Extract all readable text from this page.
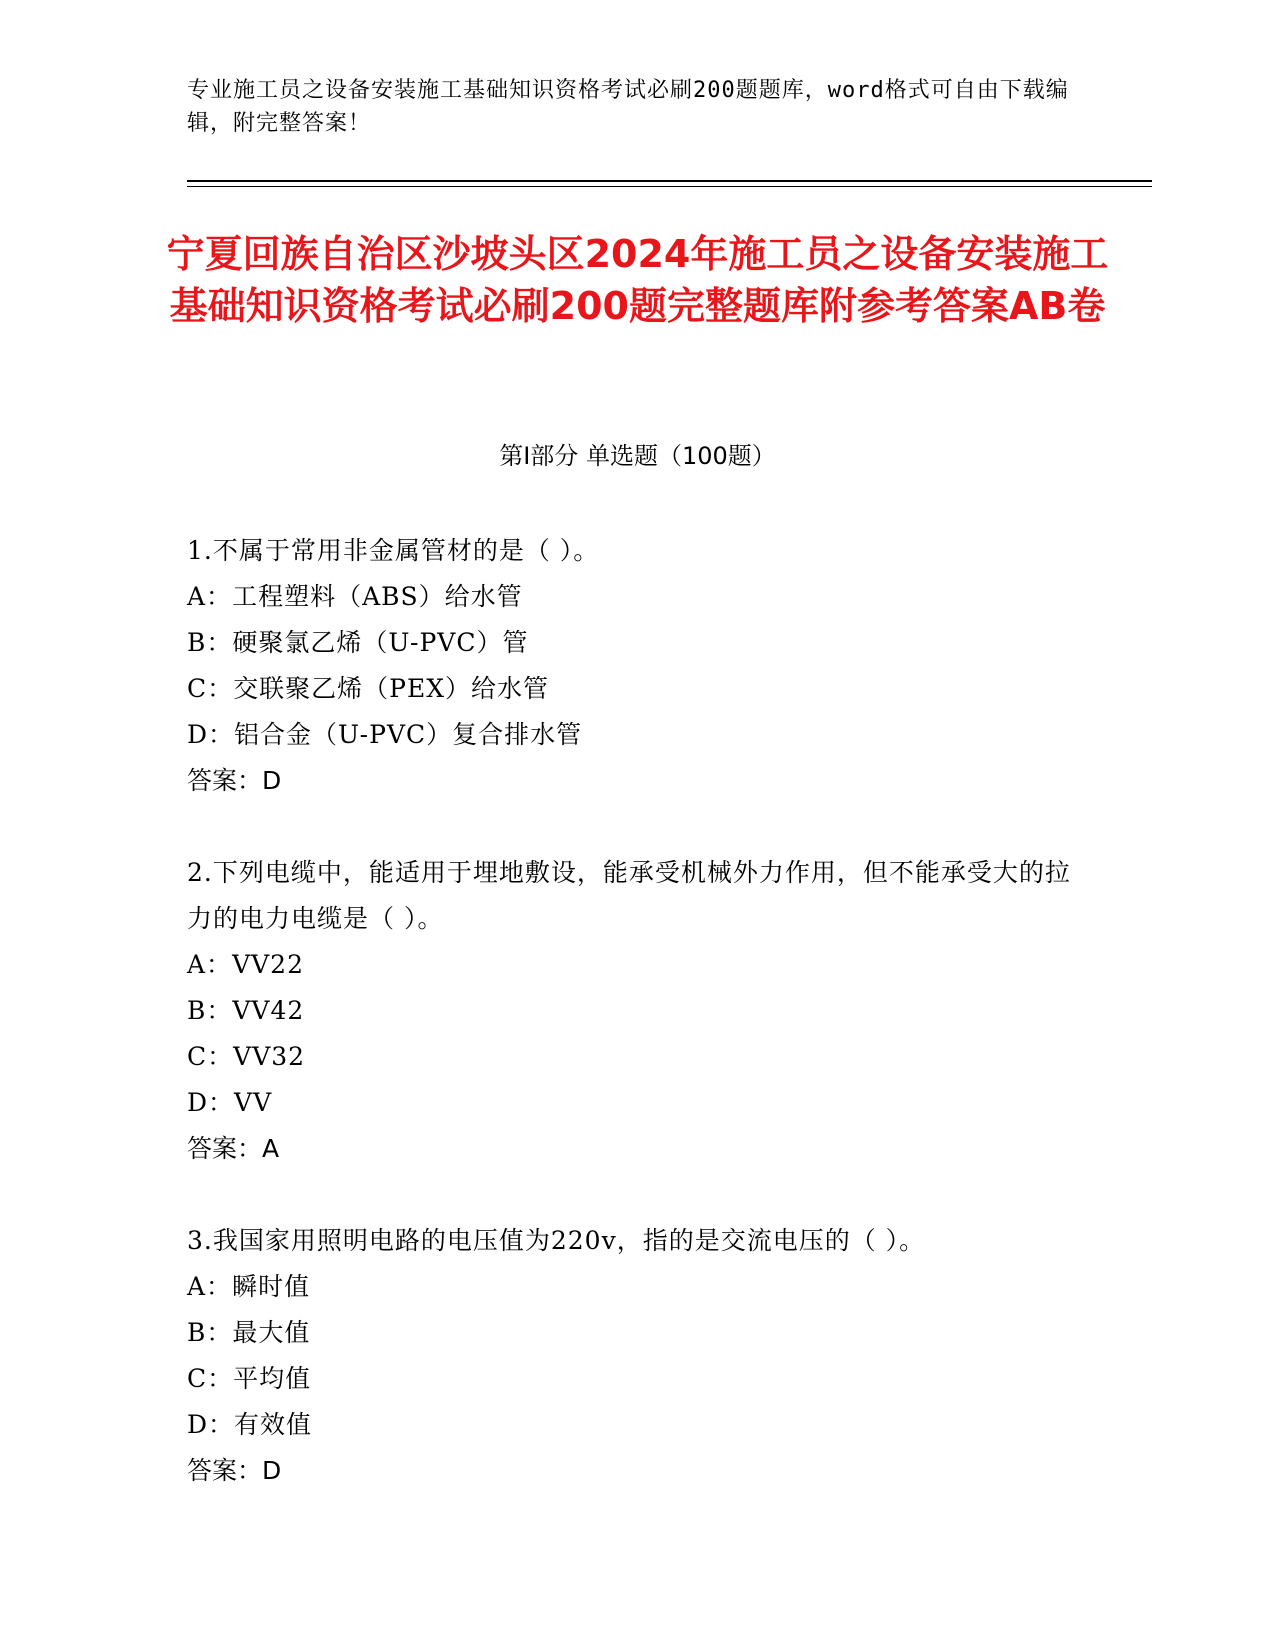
专业施工员之设备安装施工基础知识资格考试必刷200题题库，word格式可自由下载编辑，附完整答案！
宁夏回族自治区沙坡头区2024年施工员之设备安装施工基础知识资格考试必刷200题完整题库附参考答案AB卷
第I部分 单选题（100题）
1.不属于常用非金属管材的是（ ）。
A： 工程塑料（ABS）给水管
B： 硬聚氯乙烯（U-PVC）管
C： 交联聚乙烯（PEX）给水管
D： 铝合金（U-PVC）复合排水管
答案：D
2.下列电缆中，能适用于埋地敷设，能承受机械外力作用，但不能承受大的拉力的电力电缆是（ ）。
A： VV22
B： VV42
C： VV32
D： VV
答案：A
3.我国家用照明电路的电压值为220v，指的是交流电压的（ ）。
A： 瞬时值
B： 最大值
C： 平均值
D： 有效值
答案：D
